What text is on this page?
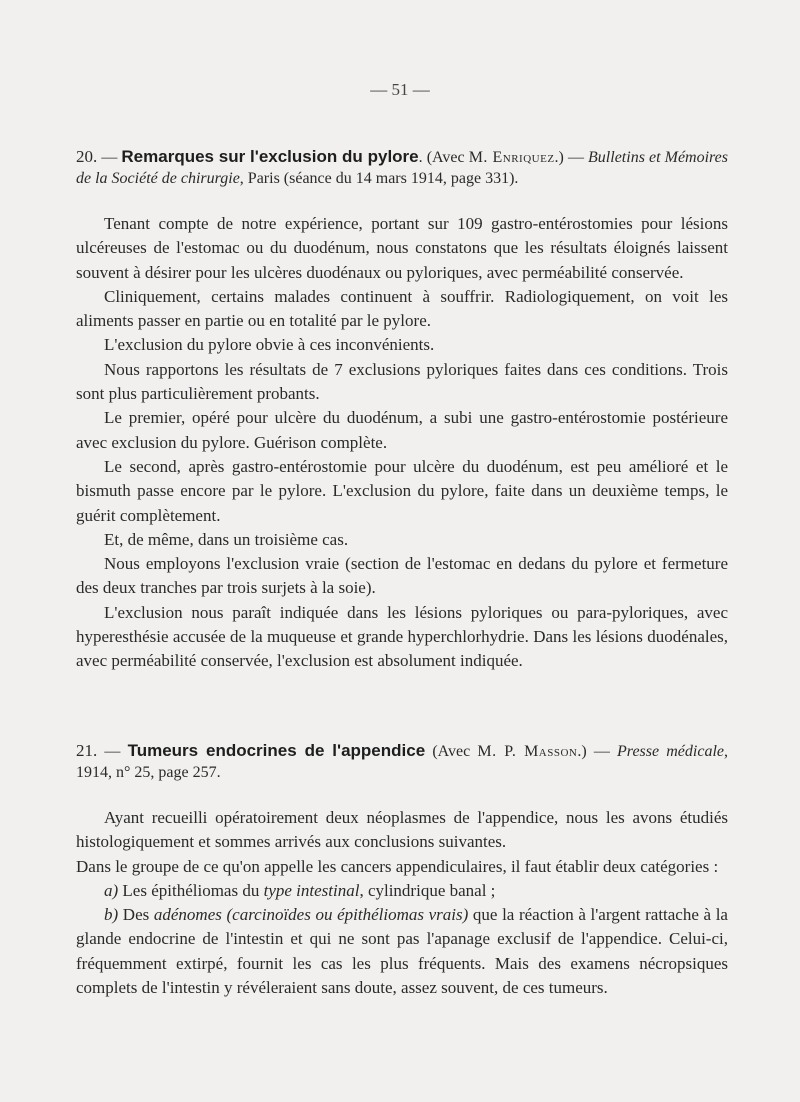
— 51 —
20. — Remarques sur l'exclusion du pylore. (Avec M. Enriquez.) — Bulletins et Mémoires de la Société de chirurgie, Paris (séance du 14 mars 1914, page 331).

Tenant compte de notre expérience, portant sur 109 gastro-entérostomies pour lésions ulcéreuses de l'estomac ou du duodénum, nous constatons que les résultats éloignés laissent souvent à désirer pour les ulcères duodénaux ou pyloriques, avec perméabilité conservée.

Cliniquement, certains malades continuent à souffrir. Radiologiquement, on voit les aliments passer en partie ou en totalité par le pylore.

L'exclusion du pylore obvie à ces inconvénients.

Nous rapportons les résultats de 7 exclusions pyloriques faites dans ces conditions. Trois sont plus particulièrement probants.

Le premier, opéré pour ulcère du duodénum, a subi une gastro-entérostomie postérieure avec exclusion du pylore. Guérison complète.

Le second, après gastro-entérostomie pour ulcère du duodénum, est peu amélioré et le bismuth passe encore par le pylore. L'exclusion du pylore, faite dans un deuxième temps, le guérit complètement.

Et, de même, dans un troisième cas.

Nous employons l'exclusion vraie (section de l'estomac en dedans du pylore et fermeture des deux tranches par trois surjets à la soie).

L'exclusion nous paraît indiquée dans les lésions pyloriques ou para-pyloriques, avec hyperesthésie accusée de la muqueuse et grande hyperchlorhydrie. Dans les lésions duodénales, avec perméabilité conservée, l'exclusion est absolument indiquée.

21. — Tumeurs endocrines de l'appendice (Avec M. P. Masson.) — Presse médicale, 1914, n° 25, page 257.

Ayant recueilli opératoirement deux néoplasmes de l'appendice, nous les avons étudiés histologiquement et sommes arrivés aux conclusions suivantes.

Dans le groupe de ce qu'on appelle les cancers appendiculaires, il faut établir deux catégories :

a) Les épithéliomas du type intestinal, cylindrique banal ;

b) Des adénomes (carcinoïdes ou épithéliomas vrais) que la réaction à l'argent rattache à la glande endocrine de l'intestin et qui ne sont pas l'apanage exclusif de l'appendice. Celui-ci, fréquemment extirpé, fournit les cas les plus fréquents. Mais des examens nécropsiques complets de l'intestin y révéleraient sans doute, assez souvent, de ces tumeurs.
